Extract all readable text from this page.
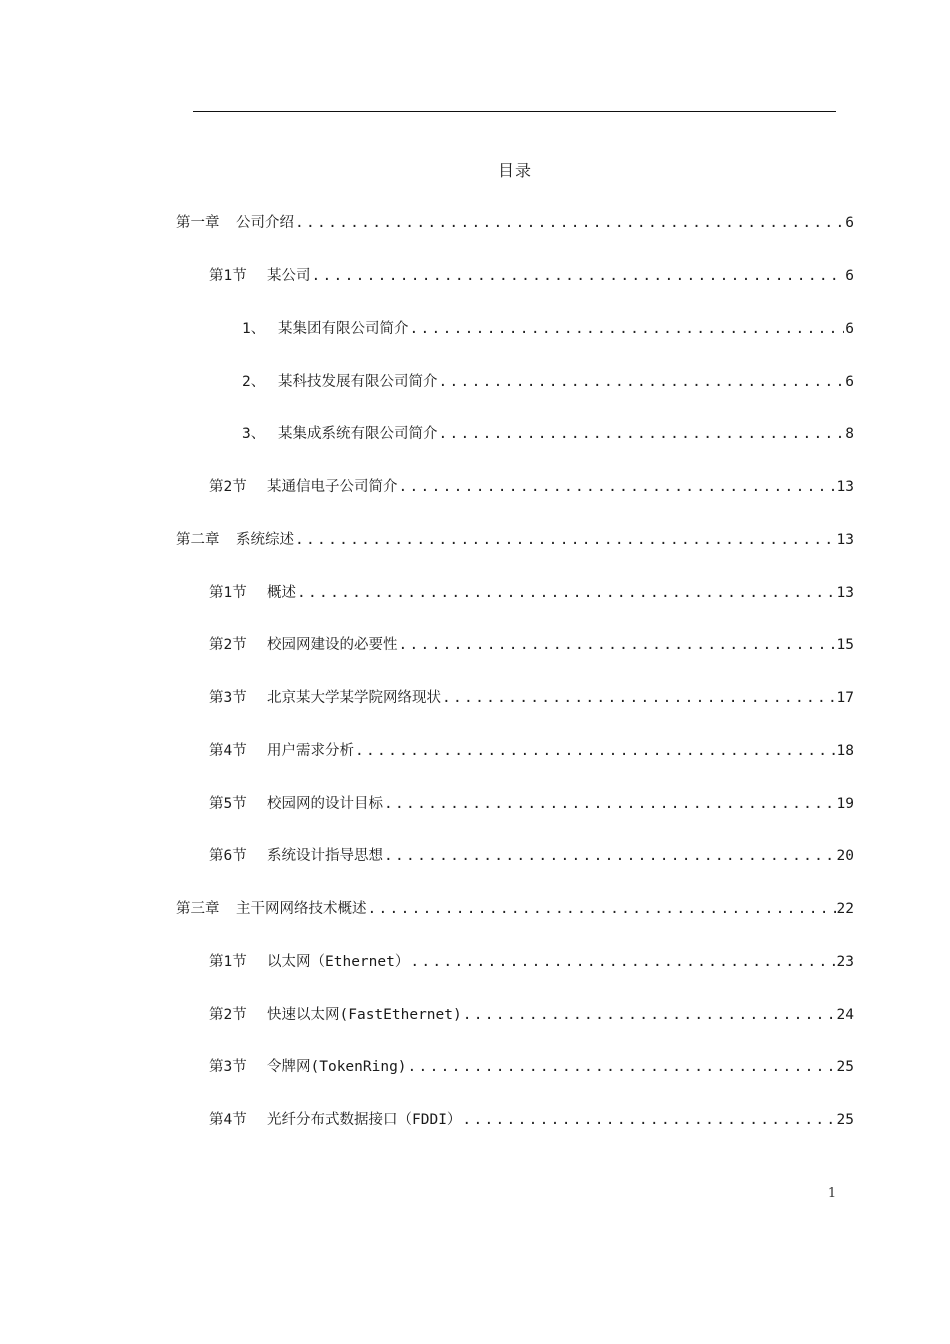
目录
第一章	公司介绍 .....	6
第1节	某公司 .....	6
1、 某集团有限公司简介 .....	6
2、 某科技发展有限公司简介 .....	6
3、 某集成系统有限公司简介 .....	8
第2节	某通信电子公司简介 .....	13
第二章	系统综述 .....	13
第1节	概述 .....	13
第2节	校园网建设的必要性 .....	15
第3节	北京某大学某学院网络现状 .....	17
第4节	用户需求分析 .....	18
第5节	校园网的设计目标 .....	19
第6节	系统设计指导思想 .....	20
第三章	主干网网络技术概述 .....	22
第1节	以太网（Ethernet） .....	23
第2节	快速以太网(FastEthernet) .....	24
第3节	令牌网(TokenRing) .....	25
第4节	光纤分布式数据接口（FDDI） .....	25
1
